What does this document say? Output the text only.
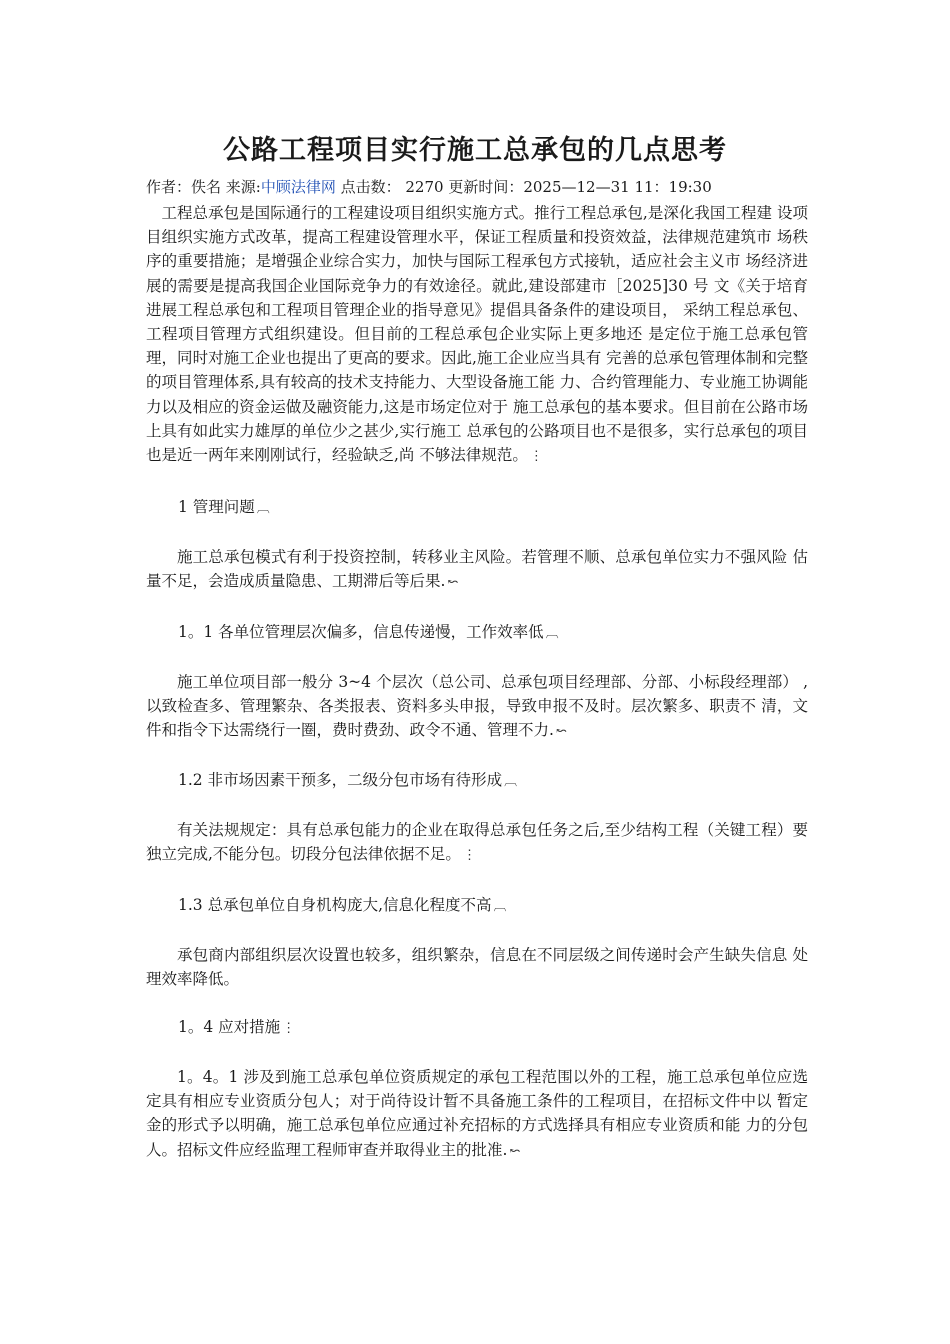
公路工程项目实行施工总承包的几点思考
作者：佚名 来源:中顾法律网 点击数： 2270 更新时间：2025—12—31 11：19:30

工程总承包是国际通行的工程建设项目组织实施方式。推行工程总承包,是深化我国工程建 设项目组织实施方式改革，提高工程建设管理水平，保证工程质量和投资效益，法律规范建筑市 场秩序的重要措施；是增强企业综合实力，加快与国际工程承包方式接轨，适应社会主义市 场经济进展的需要是提高我国企业国际竞争力的有效途径。就此,建设部建市［2025]30 号 文《关于培育进展工程总承包和工程项目管理企业的指导意见》提倡具备条件的建设项目， 采纳工程总承包、工程项目管理方式组织建设。但目前的工程总承包企业实际上更多地还 是定位于施工总承包管理，同时对施工企业也提出了更高的要求。因此,施工企业应当具有 完善的总承包管理体制和完整的项目管理体系,具有较高的技术支持能力、大型设备施工能 力、合约管理能力、专业施工协调能力以及相应的资金运做及融资能力,这是市场定位对于 施工总承包的基本要求。但目前在公路市场上具有如此实力雄厚的单位少之甚少,实行施工 总承包的公路项目也不是很多，实行总承包的项目也是近一两年来刚刚试行，经验缺乏,尚 不够法律规范。 ⋮

1 管理问题 ︹

施工总承包模式有利于投资控制，转移业主风险。若管理不顺、总承包单位实力不强风险 估量不足，会造成质量隐患、工期滞后等后果. ↜

1。1 各单位管理层次偏多，信息传递慢，工作效率低 ︹

施工单位项目部一般分 3~4 个层次（总公司、总承包项目经理部、分部、小标段经理部） ,以致检查多、管理繁杂、各类报表、资料多头申报，导致申报不及时。层次繁多、职责不 清，文件和指令下达需绕行一圈，费时费劲、政令不通、管理不力. ↜

1.2 非市场因素干预多，二级分包市场有待形成 ︹

有关法规规定：具有总承包能力的企业在取得总承包任务之后,至少结构工程（关键工程）要独立完成,不能分包。切段分包法律依据不足。 ⋮

1.3 总承包单位自身机构庞大,信息化程度不高 ︹

承包商内部组织层次设置也较多，组织繁杂，信息在不同层级之间传递时会产生缺失信息 处理效率降低。

1。4 应对措施 ⋮

1。4。1 涉及到施工总承包单位资质规定的承包工程范围以外的工程，施工总承包单位应选 定具有相应专业资质分包人；对于尚待设计暂不具备施工条件的工程项目，在招标文件中以 暂定金的形式予以明确，施工总承包单位应通过补充招标的方式选择具有相应专业资质和能 力的分包人。招标文件应经监理工程师审查并取得业主的批准. ↜
